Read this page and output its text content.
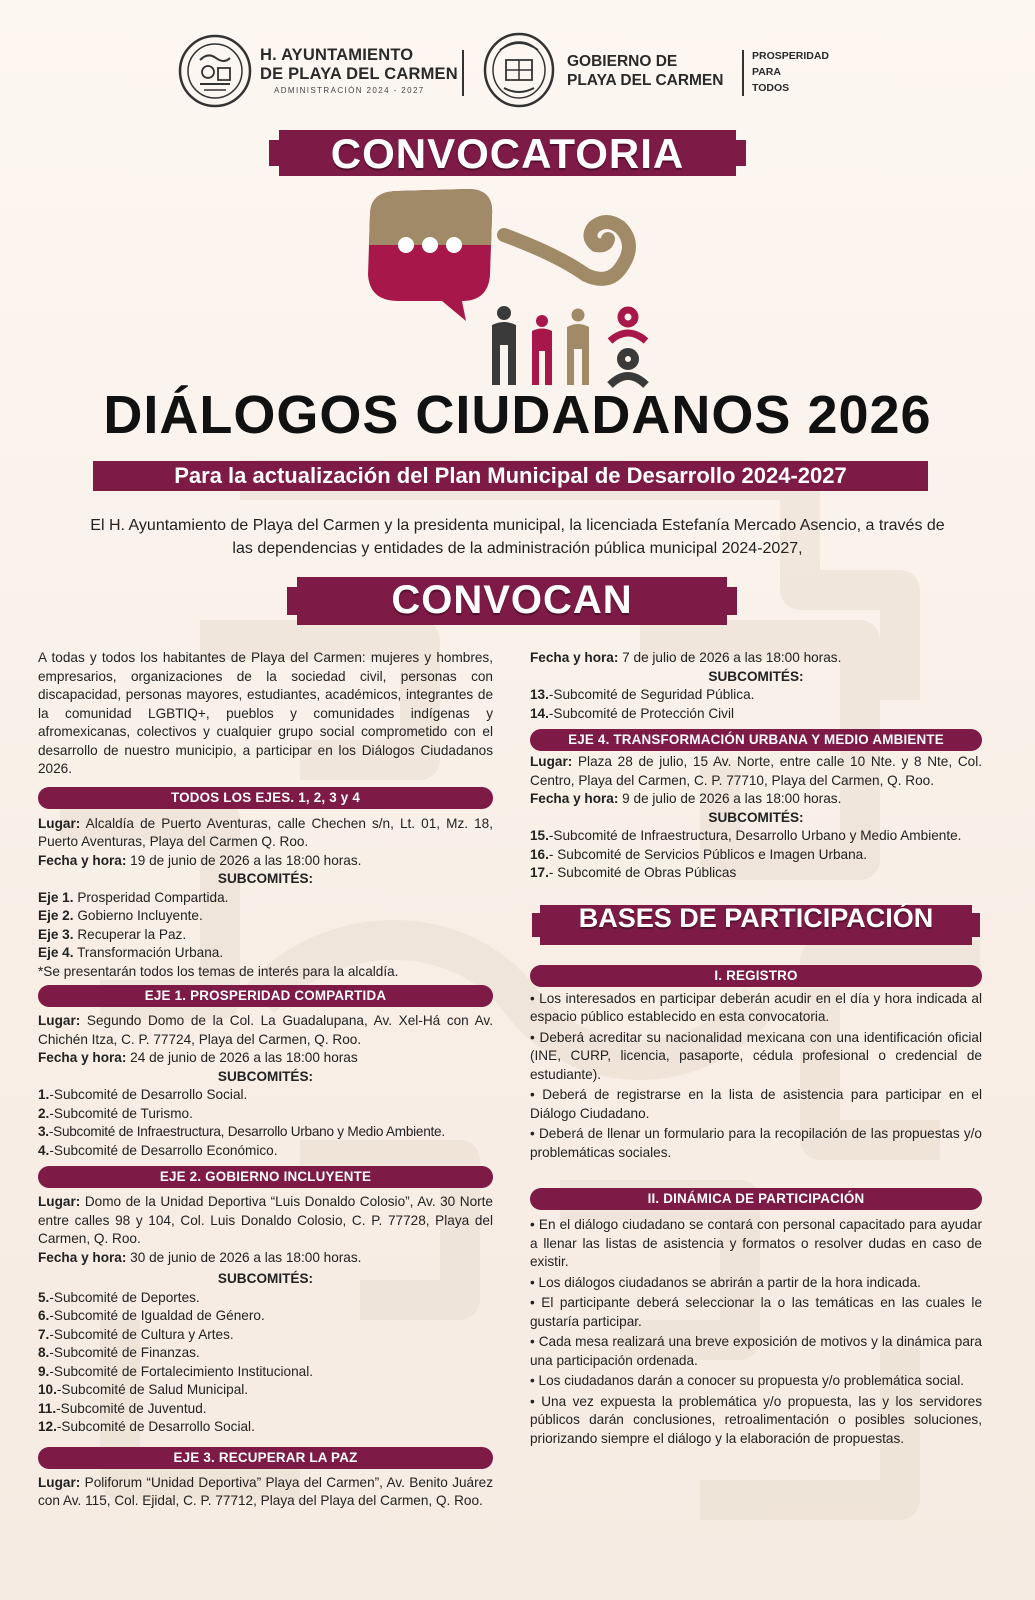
H. AYUNTAMIENTO
DE PLAYA DEL CARMEN
ADMINISTRACIÓN 2024 - 2027
GOBIERNO DE
PLAYA DEL CARMEN
PROSPERIDAD
PARA
TODOS
CONVOCATORIA
DIÁLOGOS CIUDADANOS 2026
Para la actualización del Plan Municipal de Desarrollo 2024-2027
El H. Ayuntamiento de Playa del Carmen y la presidenta municipal, la licenciada Estefanía Mercado Asencio, a través de las dependencias y entidades de la administración pública municipal 2024-2027,
CONVOCAN

A todas y todos los habitantes de Playa del Carmen: mujeres y hombres, empresarios, organizaciones de la sociedad civil, personas con discapacidad, personas mayores, estudiantes, académicos, integrantes de la comunidad LGBTIQ+, pueblos y comunidades indígenas y afromexicanas, colectivos y cualquier grupo social comprometido con el desarrollo de nuestro municipio, a participar en los Diálogos Ciudadanos 2026.

TODOS LOS EJES. 1, 2, 3 y 4

Lugar: Alcaldía de Puerto Aventuras, calle Chechen s/n, Lt. 01, Mz. 18, Puerto Aventuras, Playa del Carmen Q. Roo.

Fecha y hora: 19 de junio de 2026 a las 18:00 horas.

SUBCOMITÉS:

Eje 1. Prosperidad Compartida.

Eje 2. Gobierno Incluyente.

Eje 3. Recuperar la Paz.

Eje 4. Transformación Urbana.

*Se presentarán todos los temas de interés para la alcaldía.

EJE 1. PROSPERIDAD COMPARTIDA

Lugar: Segundo Domo de la Col. La Guadalupana, Av. Xel-Há con Av. Chichén Itza, C. P. 77724, Playa del Carmen, Q. Roo.

Fecha y hora: 24 de junio de 2026 a las 18:00 horas

SUBCOMITÉS:

1.-Subcomité de Desarrollo Social.

2.-Subcomité de Turismo.

3.-Subcomité de Infraestructura, Desarrollo Urbano y Medio Ambiente.

4.-Subcomité de Desarrollo Económico.

EJE 2. GOBIERNO INCLUYENTE

Lugar: Domo de la Unidad Deportiva “Luis Donaldo Colosio”, Av. 30 Norte entre calles 98 y 104, Col. Luis Donaldo Colosio, C. P. 77728, Playa del Carmen, Q. Roo.

Fecha y hora: 30 de junio de 2026 a las 18:00 horas.

SUBCOMITÉS:

5.-Subcomité de Deportes.

6.-Subcomité de Igualdad de Género.

7.-Subcomité de Cultura y Artes.

8.-Subcomité de Finanzas.

9.-Subcomité de Fortalecimiento Institucional.

10.-Subcomité de Salud Municipal.

11.-Subcomité de Juventud.

12.-Subcomité de Desarrollo Social.

EJE 3. RECUPERAR LA PAZ

Lugar: Poliforum “Unidad Deportiva” Playa del Carmen”, Av. Benito Juárez con Av. 115, Col. Ejidal, C. P. 77712, Playa del Playa del Carmen, Q. Roo.

Fecha y hora: 7 de julio de 2026 a las 18:00 horas.

SUBCOMITÉS:

13.-Subcomité de Seguridad Pública.

14.-Subcomité de Protección Civil

EJE 4. TRANSFORMACIÓN URBANA Y MEDIO AMBIENTE

Lugar: Plaza 28 de julio, 15 Av. Norte, entre calle 10 Nte. y 8 Nte, Col. Centro, Playa del Carmen, C. P. 77710, Playa del Carmen, Q. Roo.

Fecha y hora: 9 de julio de 2026 a las 18:00 horas.

SUBCOMITÉS:

15.-Subcomité de Infraestructura, Desarrollo Urbano y Medio Ambiente.

16.- Subcomité de Servicios Públicos e Imagen Urbana.

17.- Subcomité de Obras Públicas

BASES DE PARTICIPACIÓN
I. REGISTRO

• Los interesados en participar deberán acudir en el día y hora indicada al espacio público establecido en esta convocatoria.

• Deberá acreditar su nacionalidad mexicana con una identificación oficial (INE, CURP, licencia, pasaporte, cédula profesional o credencial de estudiante).

• Deberá de registrarse en la lista de asistencia para participar en el Diálogo Ciudadano.

• Deberá de llenar un formulario para la recopilación de las propuestas y/o problemáticas sociales.

II. DINÁMICA DE PARTICIPACIÓN

• En el diálogo ciudadano se contará con personal capacitado para ayudar a llenar las listas de asistencia y formatos o resolver dudas en caso de existir.

• Los diálogos ciudadanos se abrirán a partir de la hora indicada.

• El participante deberá seleccionar la o las temáticas en las cuales le gustaría participar.

• Cada mesa realizará una breve exposición de motivos y la dinámica para una participación ordenada.

• Los ciudadanos darán a conocer su propuesta y/o problemática social.

• Una vez expuesta la problemática y/o propuesta, las y los servidores públicos darán conclusiones, retroalimentación o posibles soluciones, priorizando siempre el diálogo y la elaboración de propuestas.
